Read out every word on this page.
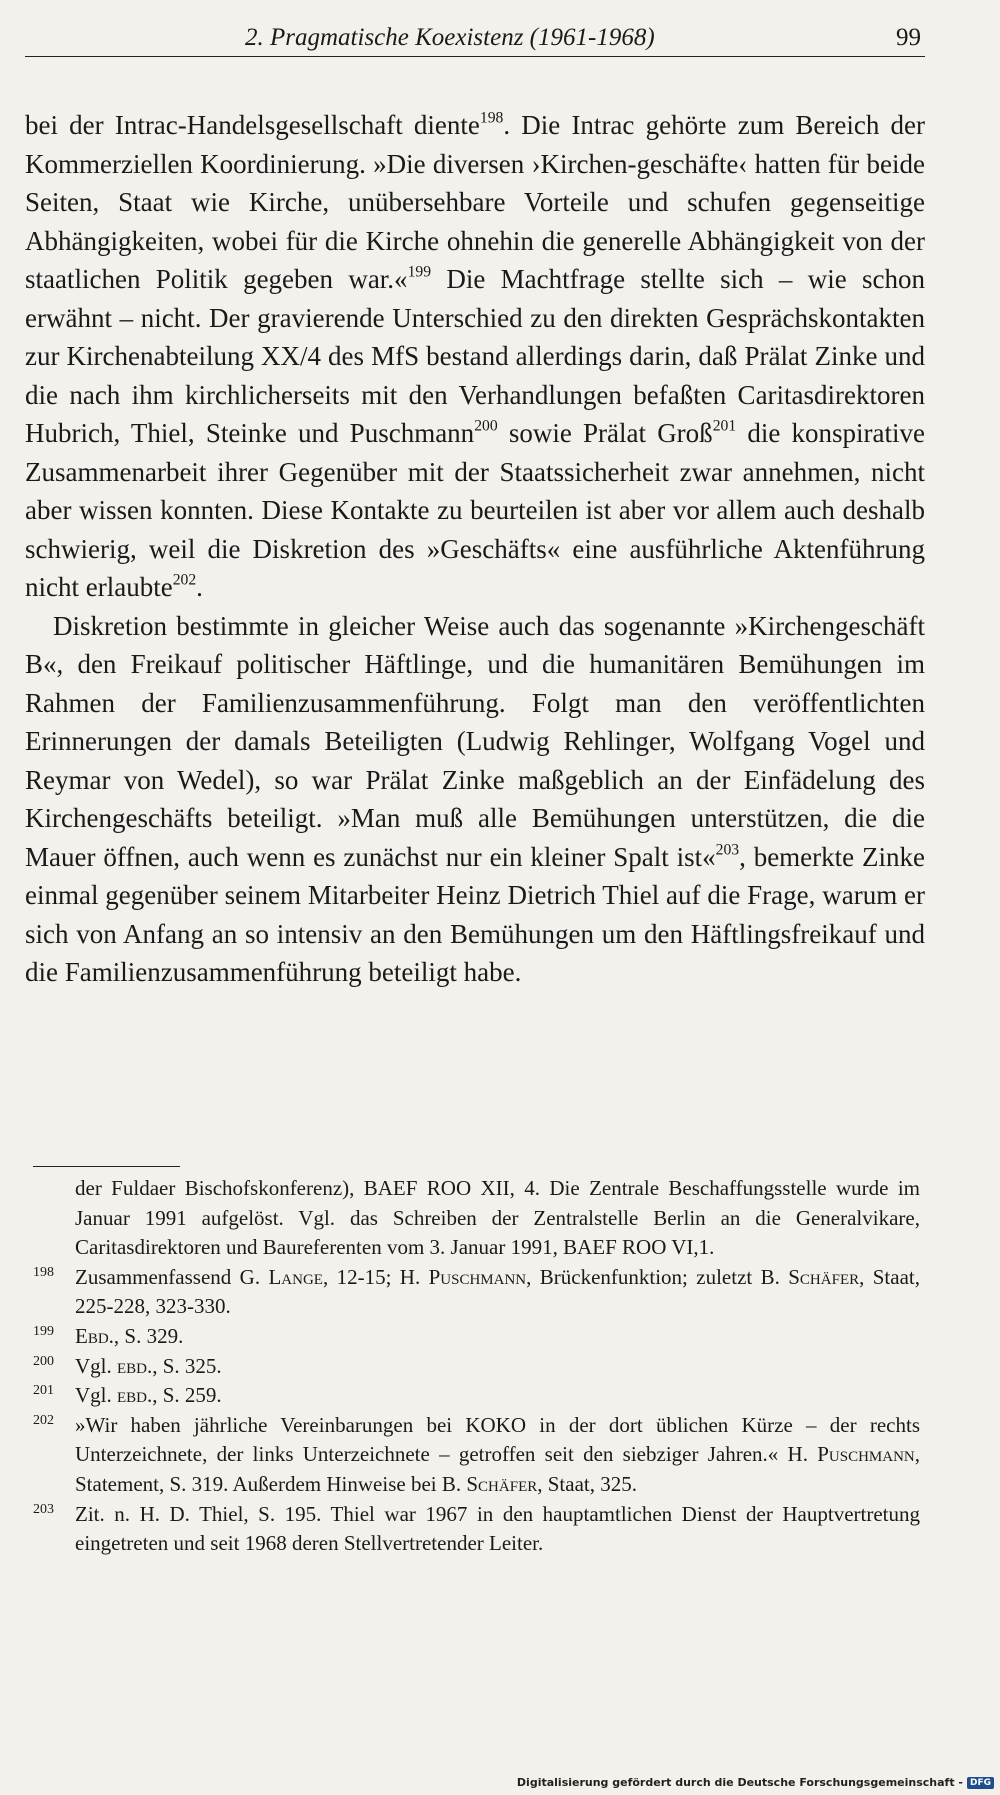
2. Pragmatische Koexistenz (1961-1968)	99

bei der Intrac-Handelsgesellschaft diente$^{198}$. Die Intrac gehörte zum Bereich der Kommerziellen Koordinierung. »Die diversen ›Kirchen-geschäfte‹ hatten für beide Seiten, Staat wie Kirche, unübersehbare Vorteile und schufen gegenseitige Abhängigkeiten, wobei für die Kirche ohnehin die generelle Abhängigkeit von der staatlichen Politik gegeben war.«$^{199}$ Die Machtfrage stellte sich – wie schon erwähnt – nicht. Der gravierende Unterschied zu den direkten Gesprächskontakten zur Kirchenabteilung XX/4 des MfS bestand allerdings darin, daß Prälat Zinke und die nach ihm kirchlicherseits mit den Verhandlungen befaßten Caritasdirektoren Hubrich, Thiel, Steinke und Puschmann$^{200}$ sowie Prälat Groß$^{201}$ die konspirative Zusammenarbeit ihrer Gegenüber mit der Staatssicherheit zwar annehmen, nicht aber wissen konnten. Diese Kontakte zu beurteilen ist aber vor allem auch deshalb schwierig, weil die Diskretion des »Geschäfts« eine ausführliche Aktenführung nicht erlaubte$^{202}$.

Diskretion bestimmte in gleicher Weise auch das sogenannte »Kirchengeschäft B«, den Freikauf politischer Häftlinge, und die humanitären Bemühungen im Rahmen der Familienzusammenführung. Folgt man den veröffentlichten Erinnerungen der damals Beteiligten (Ludwig Rehlinger, Wolfgang Vogel und Reymar von Wedel), so war Prälat Zinke maßgeblich an der Einfädelung des Kirchengeschäfts beteiligt. »Man muß alle Bemühungen unterstützen, die die Mauer öffnen, auch wenn es zunächst nur ein kleiner Spalt ist«$^{203}$, bemerkte Zinke einmal gegenüber seinem Mitarbeiter Heinz Dietrich Thiel auf die Frage, warum er sich von Anfang an so intensiv an den Bemühungen um den Häftlingsfreikauf und die Familienzusammenführung beteiligt habe.

der Fuldaer Bischofskonferenz), BAEF ROO XII, 4. Die Zentrale Beschaffungsstelle wurde im Januar 1991 aufgelöst. Vgl. das Schreiben der Zentralstelle Berlin an die Generalvikare, Caritasdirektoren und Baureferenten vom 3. Januar 1991, BAEF ROO VI,1.

198 Zusammenfassend G. Lange, 12-15; H. Puschmann, Brückenfunktion; zuletzt B. Schäfer, Staat, 225-228, 323-330.

199 Ebd., S. 329.

200 Vgl. ebd., S. 325.

201 Vgl. ebd., S. 259.

202 »Wir haben jährliche Vereinbarungen bei KOKO in der dort üblichen Kürze – der rechts Unterzeichnete, der links Unterzeichnete – getroffen seit den siebziger Jahren.« H. Puschmann, Statement, S. 319. Außerdem Hinweise bei B. Schäfer, Staat, 325.

203 Zit. n. H. D. Thiel, S. 195. Thiel war 1967 in den hauptamtlichen Dienst der Hauptvertretung eingetreten und seit 1968 deren Stellvertretender Leiter.

Digitalisierung gefördert durch die Deutsche Forschungsgemeinschaft - DFG
